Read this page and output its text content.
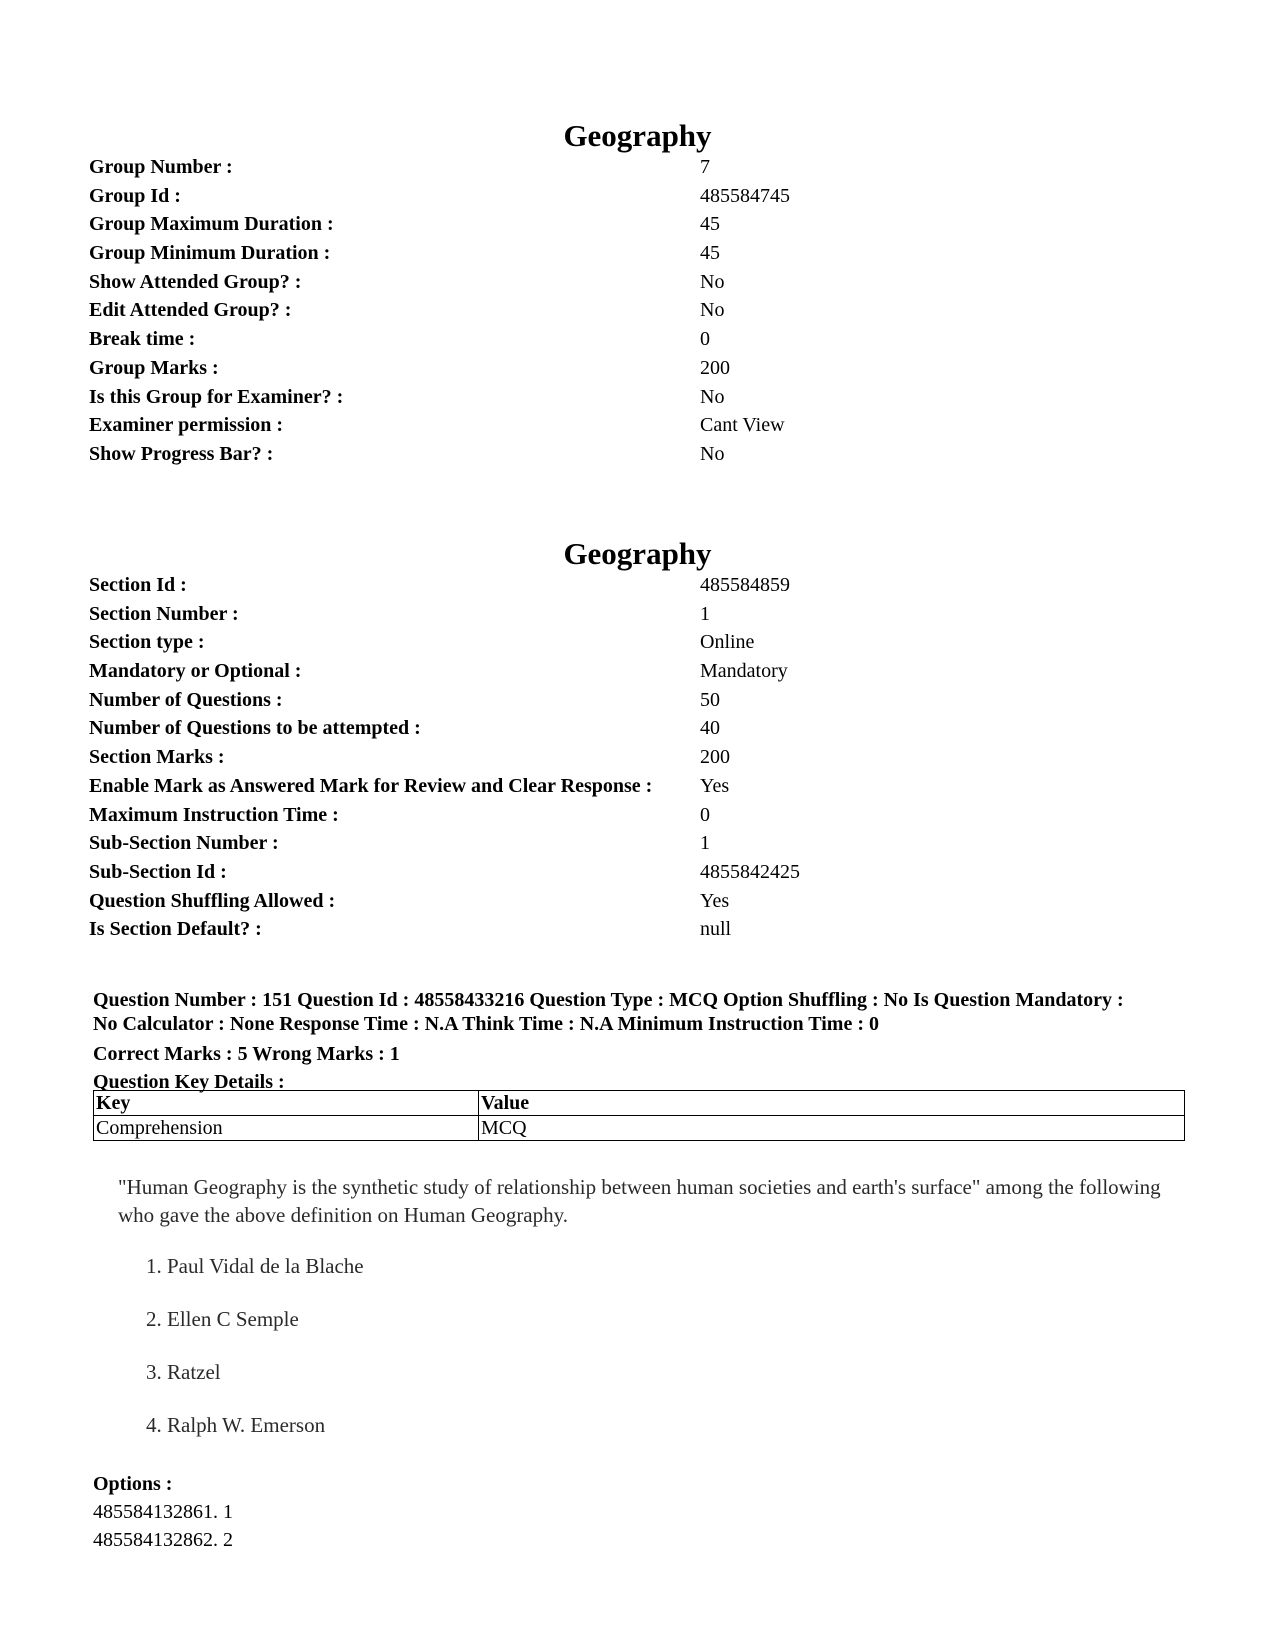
Geography
Group Number :	7
Group Id :	485584745
Group Maximum Duration :	45
Group Minimum Duration :	45
Show Attended Group? :	No
Edit Attended Group? :	No
Break time :	0
Group Marks :	200
Is this Group for Examiner? :	No
Examiner permission :	Cant View
Show Progress Bar? :	No
Geography
Section Id :	485584859
Section Number :	1
Section type :	Online
Mandatory or Optional :	Mandatory
Number of Questions :	50
Number of Questions to be attempted :	40
Section Marks :	200
Enable Mark as Answered Mark for Review and Clear Response : Yes
Maximum Instruction Time :	0
Sub-Section Number :	1
Sub-Section Id :	4855842425
Question Shuffling Allowed :	Yes
Is Section Default? :	null
Question Number : 151 Question Id : 48558433216 Question Type : MCQ Option Shuffling : No Is Question Mandatory :
No Calculator : None Response Time : N.A Think Time : N.A Minimum Instruction Time : 0
Correct Marks : 5 Wrong Marks : 1
Question Key Details :
Key	Value
Comprehension	MCQ
"Human Geography is the synthetic study of relationship between human societies and earth's surface" among the following who gave the above definition on Human Geography.
1. Paul Vidal de la Blache
2. Ellen C Semple
3. Ratzel
4. Ralph W. Emerson
Options :
485584132861. 1
485584132862. 2
